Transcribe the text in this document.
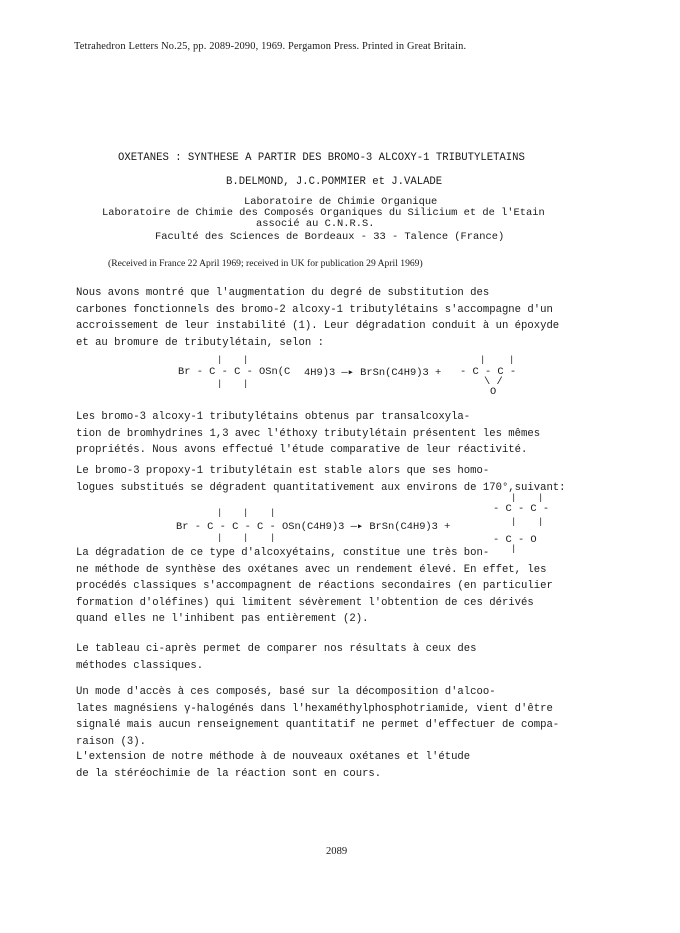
Tetrahedron Letters No.25, pp. 2089-2090, 1969. Pergamon Press. Printed in Great Britain.
OXETANES : SYNTHESE A PARTIR DES BROMO-3 ALCOXY-1 TRIBUTYLETAINS
B.DELMOND, J.C.POMMIER et J.VALADE
Laboratoire de Chimie Organique
Laboratoire de Chimie des Composés Organiques du Silicium et de l'Etain
associé au C.N.R.S.
Faculté des Sciences de Bordeaux - 33 - Talence (France)
(Received in France 22 April 1969; received in UK for publication 29 April 1969)
Nous avons montré que l'augmentation du degré de substitution des
carbones fonctionnels des bromo-2 alcoxy-1 tributylétains s'accompagne d'un
accroissement de leur instabilité (1). Leur dégradation conduit à un époxyde
et au bromure de tributylétain, selon :
| |
| |
Br - C - C - OSn(C 4H9)3 —▸ BrSn(C4H9)3 +
|	|
- C - C -
\ /
O
Les bromo-3 alcoxy-1 tributylétains obtenus par transalcoxyla-
tion de bromhydrines 1,3 avec l'éthoxy tributylétain présentent les mêmes
propriétés. Nous avons effectué l'étude comparative de leur réactivité.
Le bromo-3 propoxy-1 tributylétain est stable alors que ses homo-
logues substitués se dégradent quantitativement aux environs de 170°,suivant:
| |
- C - C -
| | |
Br - C - C - C - OSn(C4H9)3 —▸ BrSn(C4H9)3 +	| |
| | |	- C - O
|
La dégradation de ce type d'alcoxyétains, constitue une très bon-
ne méthode de synthèse des oxétanes avec un rendement élevé. En effet, les
procédés classiques s'accompagnent de réactions secondaires (en particulier
formation d'oléfines) qui limitent sévèrement l'obtention de ces dérivés
quand elles ne l'inhibent pas entièrement (2).
Le tableau ci-après permet de comparer nos résultats à ceux des
méthodes classiques.
Un mode d'accès à ces composés, basé sur la décomposition d'alcoo-
lates magnésiens γ-halogénés dans l'hexaméthylphosphotriamide, vient d'être
signalé mais aucun renseignement quantitatif ne permet d'effectuer de compa-
raison (3).
L'extension de notre méthode à de nouveaux oxétanes et l'étude
de la stéréochimie de la réaction sont en cours.
2089
